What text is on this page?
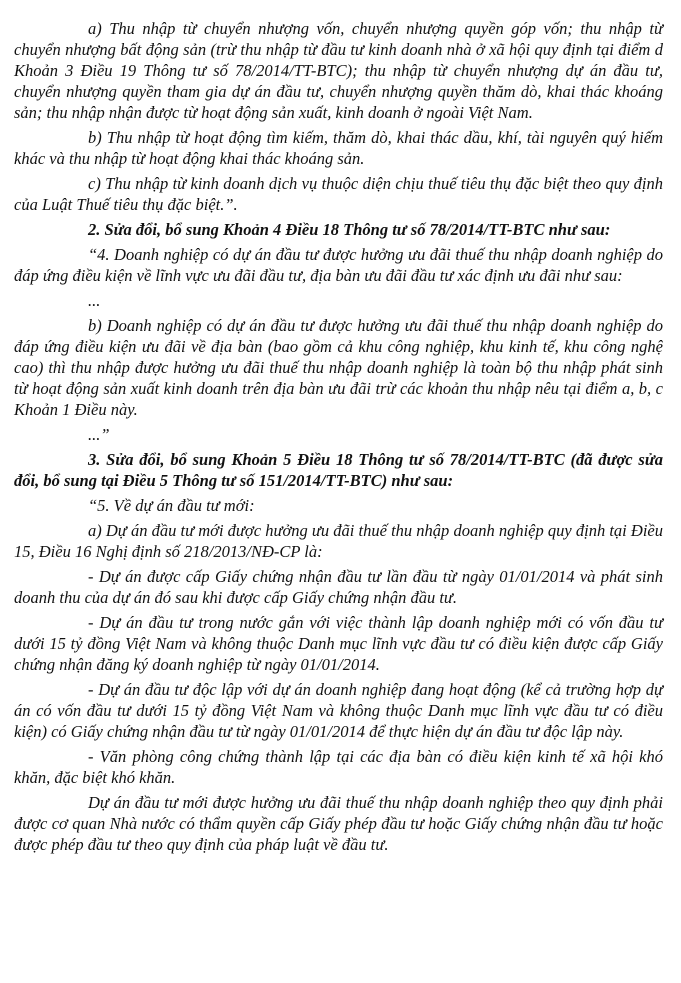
a) Thu nhập từ chuyển nhượng vốn, chuyển nhượng quyền góp vốn; thu nhập từ chuyển nhượng bất động sản (trừ thu nhập từ đầu tư kinh doanh nhà ở xã hội quy định tại điểm d Khoản 3 Điều 19 Thông tư số 78/2014/TT-BTC); thu nhập từ chuyển nhượng dự án đầu tư, chuyển nhượng quyền tham gia dự án đầu tư, chuyển nhượng quyền thăm dò, khai thác khoáng sản; thu nhập nhận được từ hoạt động sản xuất, kinh doanh ở ngoài Việt Nam.

b) Thu nhập từ hoạt động tìm kiếm, thăm dò, khai thác dầu, khí, tài nguyên quý hiếm khác và thu nhập từ hoạt động khai thác khoáng sản.

c) Thu nhập từ kinh doanh dịch vụ thuộc diện chịu thuế tiêu thụ đặc biệt theo quy định của Luật Thuế tiêu thụ đặc biệt.”.

2. Sửa đổi, bổ sung Khoản 4 Điều 18 Thông tư số 78/2014/TT-BTC như sau:

“4. Doanh nghiệp có dự án đầu tư được hưởng ưu đãi thuế thu nhập doanh nghiệp do đáp ứng điều kiện về lĩnh vực ưu đãi đầu tư, địa bàn ưu đãi đầu tư xác định ưu đãi như sau:

...

b) Doanh nghiệp có dự án đầu tư được hưởng ưu đãi thuế thu nhập doanh nghiệp do đáp ứng điều kiện ưu đãi về địa bàn (bao gồm cả khu công nghiệp, khu kinh tế, khu công nghệ cao) thì thu nhập được hưởng ưu đãi thuế thu nhập doanh nghiệp là toàn bộ thu nhập phát sinh từ hoạt động sản xuất kinh doanh trên địa bàn ưu đãi trừ các khoản thu nhập nêu tại điểm a, b, c Khoản 1 Điều này.

...”

3. Sửa đổi, bổ sung Khoản 5 Điều 18 Thông tư số 78/2014/TT-BTC (đã được sửa đổi, bổ sung tại Điều 5 Thông tư số 151/2014/TT-BTC) như sau:

“5. Về dự án đầu tư mới:

a) Dự án đầu tư mới được hưởng ưu đãi thuế thu nhập doanh nghiệp quy định tại Điều 15, Điều 16 Nghị định số 218/2013/NĐ-CP là:

- Dự án được cấp Giấy chứng nhận đầu tư lần đầu từ ngày 01/01/2014 và phát sinh doanh thu của dự án đó sau khi được cấp Giấy chứng nhận đầu tư.

- Dự án đầu tư trong nước gắn với việc thành lập doanh nghiệp mới có vốn đầu tư dưới 15 tỷ đồng Việt Nam và không thuộc Danh mục lĩnh vực đầu tư có điều kiện được cấp Giấy chứng nhận đăng ký doanh nghiệp từ ngày 01/01/2014.

- Dự án đầu tư độc lập với dự án doanh nghiệp đang hoạt động (kể cả trường hợp dự án có vốn đầu tư dưới 15 tỷ đồng Việt Nam và không thuộc Danh mục lĩnh vực đầu tư có điều kiện) có Giấy chứng nhận đầu tư từ ngày 01/01/2014 để thực hiện dự án đầu tư độc lập này.

- Văn phòng công chứng thành lập tại các địa bàn có điều kiện kinh tế xã hội khó khăn, đặc biệt khó khăn.

Dự án đầu tư mới được hưởng ưu đãi thuế thu nhập doanh nghiệp theo quy định phải được cơ quan Nhà nước có thẩm quyền cấp Giấy phép đầu tư hoặc Giấy chứng nhận đầu tư hoặc được phép đầu tư theo quy định của pháp luật về đầu tư.
